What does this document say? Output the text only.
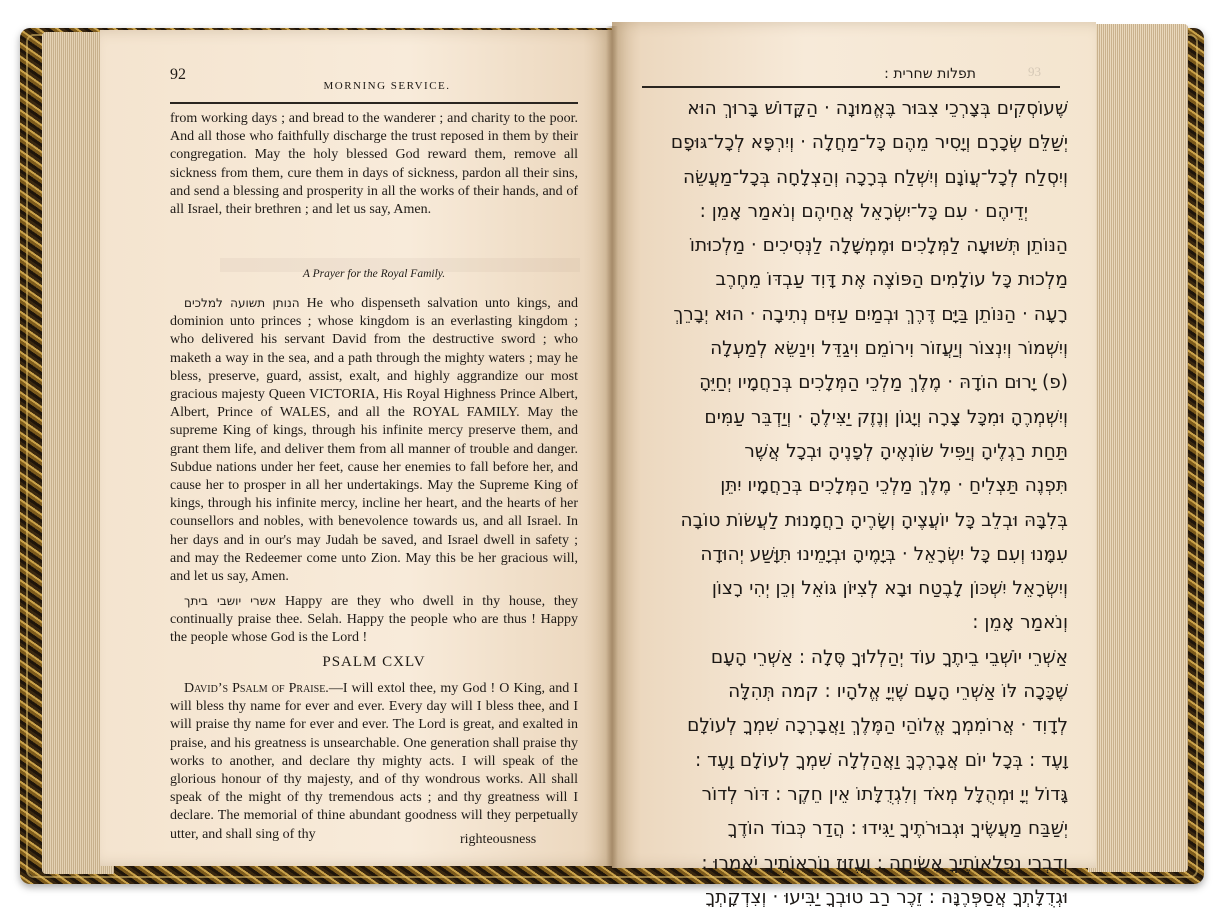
92
MORNING SERVICE.

from working days ; and bread to the wanderer ; and charity to the poor. And all those who faithfully discharge the trust reposed in them by their congregation. May the holy blessed God reward them, remove all sickness from them, cure them in days of sickness, pardon all their sins, and send a blessing and prosperity in all the works of their hands, and of all Israel, their brethren ; and let us say, Amen.

A Prayer for the Royal Family.

הנותן תשועה למלכים He who dispenseth salvation unto kings, and dominion unto princes ; whose kingdom is an everlasting kingdom ; who delivered his servant David from the destructive sword ; who maketh a way in the sea, and a path through the mighty waters ; may he bless, preserve, guard, assist, exalt, and highly aggrandize our most gracious majesty Queen VICTORIA, His Royal Highness Prince Albert, Albert, Prince of WALES, and all the ROYAL FAMILY. May the supreme King of kings, through his infinite mercy preserve them, and grant them life, and deliver them from all manner of trouble and danger. Subdue nations under her feet, cause her enemies to fall before her, and cause her to prosper in all her undertakings. May the Supreme King of kings, through his infinite mercy, incline her heart, and the hearts of her counsellors and nobles, with benevolence towards us, and all Israel. In her days and in our's may Judah be saved, and Israel dwell in safety ; and may the Redeemer come unto Zion. May this be her gracious will, and let us say, Amen.

אשרי יושבי ביתך Happy are they who dwell in thy house, they continually praise thee. Selah. Happy the people who are thus ! Happy the people whose God is the Lord !

PSALM CXLV

David’s Psalm of Praise.—I will extol thee, my God ! O King, and I will bless thy name for ever and ever. Every day will I bless thee, and I will praise thy name for ever and ever. The Lord is great, and exalted in praise, and his greatness is unsearchable. One generation shall praise thy works to another, and declare thy mighty acts. I will speak of the glorious honour of thy majesty, and of thy wondrous works. All shall speak of the might of thy tremendous acts ; and thy greatness will I declare. The memorial of thine abundant goodness will they perpetually utter, and shall sing of thy	righteousness
93
תפלות שחרית :
שֶׁעוֹסְקִים בְּצָרְכֵי צִבּוּר בֶּאֱמוּנָה · הַקָּדוֹשׁ בָּרוּךְ הוּא
יְשַׁלֵּם שְׂכָרָם וְיָסִיר מֵהֶם כָּל־מַחֲלָה · וְיִרְפָּא לְכָל־גּוּפָם
וְיִסְלַח לְכָל־עֲוֹנָם וְיִשְׁלַח בְּרָכָה וְהַצְלָחָה בְּכָל־מַעֲשֵׂה
יְדֵיהֶם · עִם כָּל־יִשְׂרָאֵל אֲחֵיהֶם וְנֹאמַר אָמֵן :
הַנּוֹתֵן תְּשׁוּעָה לַמְּלָכִים וּמֶמְשָׁלָה לַנְּסִיכִים · מַלְכוּתוֹ
מַלְכוּת כָּל עוֹלָמִים הַפּוֹצֶה אֶת דָּוִד עַבְדּוֹ מֵחֶרֶב
רָעָה · הַנּוֹתֵן בַּיָּם דֶּרֶךְ וּבְמַיִם עַזִּים נְתִיבָה · הוּא יְבָרֵךְ
וְיִשְׁמוֹר וְיִנְצוֹר וְיַעֲזוֹר וִירוֹמֵם וִיגַדֵּל וִינַשֵּׂא לְמַעְלָה
(פ) יָרוּם הוֹדָהּ · מֶלֶךְ מַלְכֵי הַמְּלָכִים בְּרַחֲמָיו יְחַיֵּהָ
וְיִשְׁמְרֶהָ וּמִכָּל צָרָה וְיָגוֹן וְנֶזֶק יַצִּילֶהָ · וְיַדְבֵּר עַמִּים
תַּחַת רַגְלֶיהָ וְיַפִּיל שׂוֹנְאֶיהָ לְפָנֶיהָ וּבְכָל אֲשֶׁר
תִּפְנֶה תַּצְלִיחַ · מֶלֶךְ מַלְכֵי הַמְּלָכִים בְּרַחֲמָיו יִתֵּן
בְּלִבָּהּ וּבְלֵב כָּל יוֹעֲצֶיהָ וְשָׂרֶיהָ רַחֲמָנוּת לַעֲשׂוֹת טוֹבָה
עִמָּנוּ וְעִם כָּל יִשְׂרָאֵל · בְּיָמֶיהָ וּבְיָמֵינוּ תִּוָּשַׁע יְהוּדָה
וְיִשְׂרָאֵל יִשְׁכּוֹן לָבֶטַח וּבָא לְצִיּוֹן גּוֹאֵל וְכֵן יְהִי רָצוֹן
וְנֹאמַר אָמֵן :
אַשְׁרֵי יוֹשְׁבֵי בֵיתֶךָ עוֹד יְהַלְלוּךָ סֶּלָה : אַשְׁרֵי הָעָם
שֶׁכָּכָה לּוֹ אַשְׁרֵי הָעָם שֶׁיְיָ אֱלֹהָיו : קמה תְּהִלָּה
לְדָוִד · אֲרוֹמִמְךָ אֱלוֹהַי הַמֶּלֶךְ וַאֲבָרְכָה שִׁמְךָ לְעוֹלָם
וָעֶד : בְּכָל יוֹם אֲבָרְכֶךָּ וַאֲהַלְלָה שִׁמְךָ לְעוֹלָם וָעֶד :
גָּדוֹל יְיָ וּמְהֻלָּל מְאֹד וְלִגְדֻלָּתוֹ אֵין חֵקֶר : דּוֹר לְדוֹר
יְשַׁבַּח מַעֲשֶׂיךָ וּגְבוּרֹתֶיךָ יַגִּידוּ : הֲדַר כְּבוֹד הוֹדֶךָ
וְדִבְרֵי נִפְלְאוֹתֶיךָ אָשִׂיחָה : וֶעֱזוּז נוֹרְאוֹתֶיךָ יֹאמֵרוּ :
וּגְדֻלָּתְךָ אֲסַפְּרֶנָּה : זֵכֶר רַב טוּבְךָ יַבִּיעוּ · וְצִדְקָתְךָ
